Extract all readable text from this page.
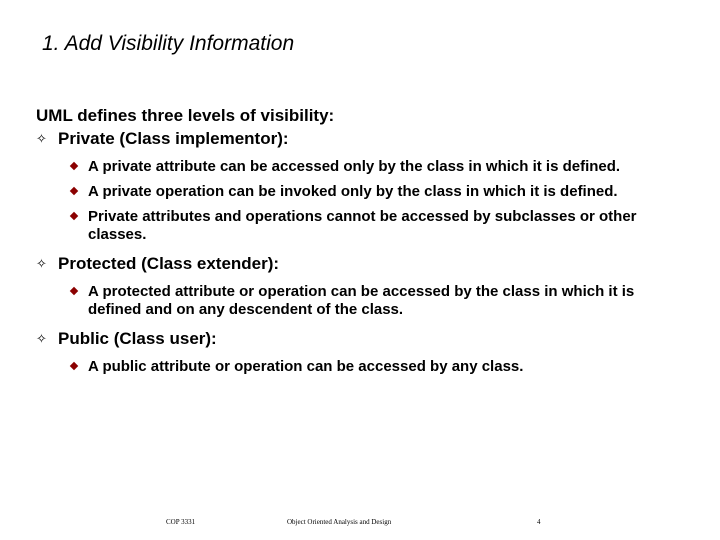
1. Add Visibility Information

UML defines three levels of visibility:

✧ Private (Class implementor):
A private attribute can be accessed only by the class in which it is defined.
A private operation can be invoked only by the class in which it is defined.
Private attributes and operations cannot be accessed by subclasses or other classes.
✧ Protected (Class extender):
A protected attribute or operation can be accessed by the class in which it is defined and on any descendent of the class.
✧ Public (Class user):
A public attribute or operation can be accessed by any class.
COP 3331	Object Oriented Analysis and Design	4
